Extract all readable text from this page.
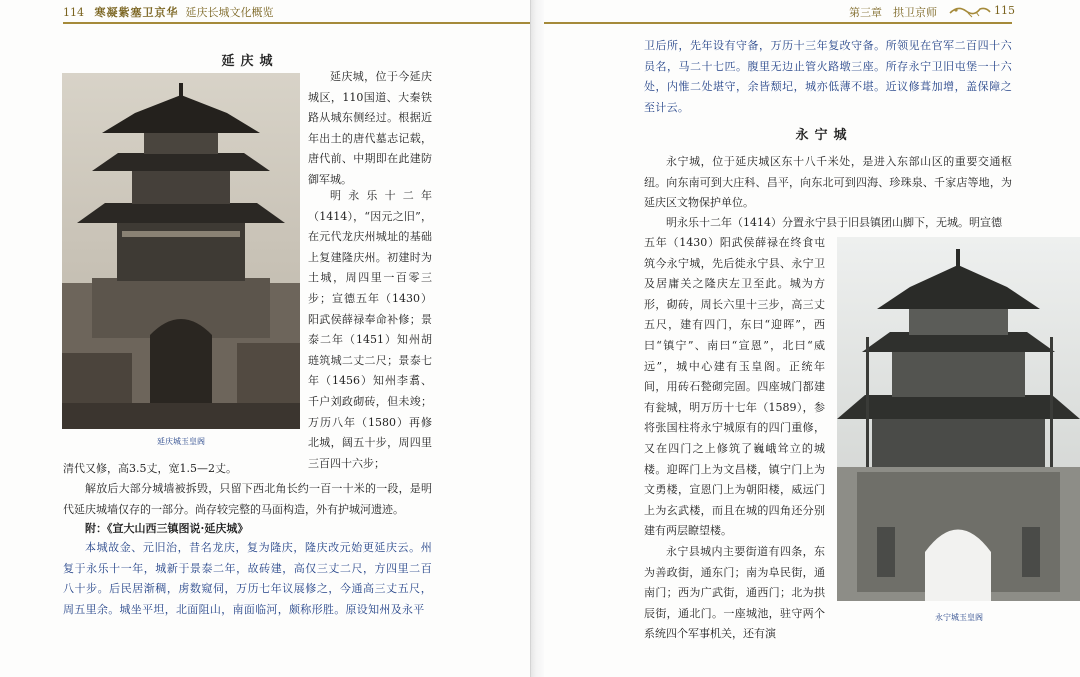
114 寒凝紫塞卫京华 延庆长城文化概览
延庆城
延庆城玉皇阁
延庆城，位于今延庆城区，110国道、大秦铁路从城东侧经过。根据近年出土的唐代墓志记载，唐代前、中期即在此建防御军城。
明永乐十二年（1414），“因元之旧”，在元代龙庆州城址的基础上复建隆庆州。初建时为土城，周四里一百零三步；宣德五年（1430）阳武侯薛禄奉命补修；景泰二年（1451）知州胡琏筑城二丈二尺；景泰七年（1456）知州李翥、千户刘政砌砖，但未竣；万历八年（1580）再修北城，阔五十步，周四里三百四十六步；
清代又修，高3.5丈，宽1.5—2丈。
解放后大部分城墙被拆毁，只留下西北角长约一百一十米的一段，是明代延庆城墙仅存的一部分。尚存较完整的马面构造，外有护城河遗迹。
附：《宣大山西三镇图说·延庆城》
本城故金、元旧治，昔名龙庆，复为隆庆，隆庆改元始更延庆云。州复于永乐十一年，城新于景泰二年，故砖建，高仅三丈二尺，方四里二百八十步。后民居渐稠，虏数窥伺，万历七年议展修之，今通高三丈五尺，周五里余。城坐平坦，北面阻山，南面临河，颇称形胜。原设知州及永平
第三章　拱卫京师	115
卫后所，先年设有守备，万历十三年复改守备。所领见在官军二百四十六员名，马二十七匹。腹里无边止管火路墩三座。所存永宁卫旧屯堡一十六处，内惟二处堪守，余皆颓圮，城亦低薄不堪。近议修葺加增，盖保障之至计云。
永宁城
永宁城，位于延庆城区东十八千米处，是进入东部山区的重要交通枢纽。向东南可到大庄科、昌平，向东北可到四海、珍珠泉、千家店等地，为延庆区文物保护单位。
明永乐十二年（1414）分置永宁县于旧县镇团山脚下，无城。明宣德
五年（1430）阳武侯薛禄在终食屯筑今永宁城，先后徙永宁县、永宁卫及居庸关之隆庆左卫至此。城为方形，砌砖，周长六里十三步，高三丈五尺，建有四门，东曰“迎晖”，西曰“镇宁”、南曰“宣恩”，北曰“威远”，城中心建有玉皇阁。正统年间，用砖石甃砌完固。四座城门都建有瓮城，明万历十七年（1589），参将张国柱将永宁城原有的四门重修，又在四门之上修筑了巍峨耸立的城楼。迎晖门上为文昌楼，镇宁门上为文勇楼，宣恩门上为朝阳楼，威远门上为玄武楼，而且在城的四角还分别建有两层瞭望楼。
永宁县城内主要街道有四条，东为善政街，通东门；南为阜民街，通南门；西为广武街，通西门；北为拱辰街，通北门。一座城池，驻守两个系统四个军事机关，还有演
永宁城玉皇阁
